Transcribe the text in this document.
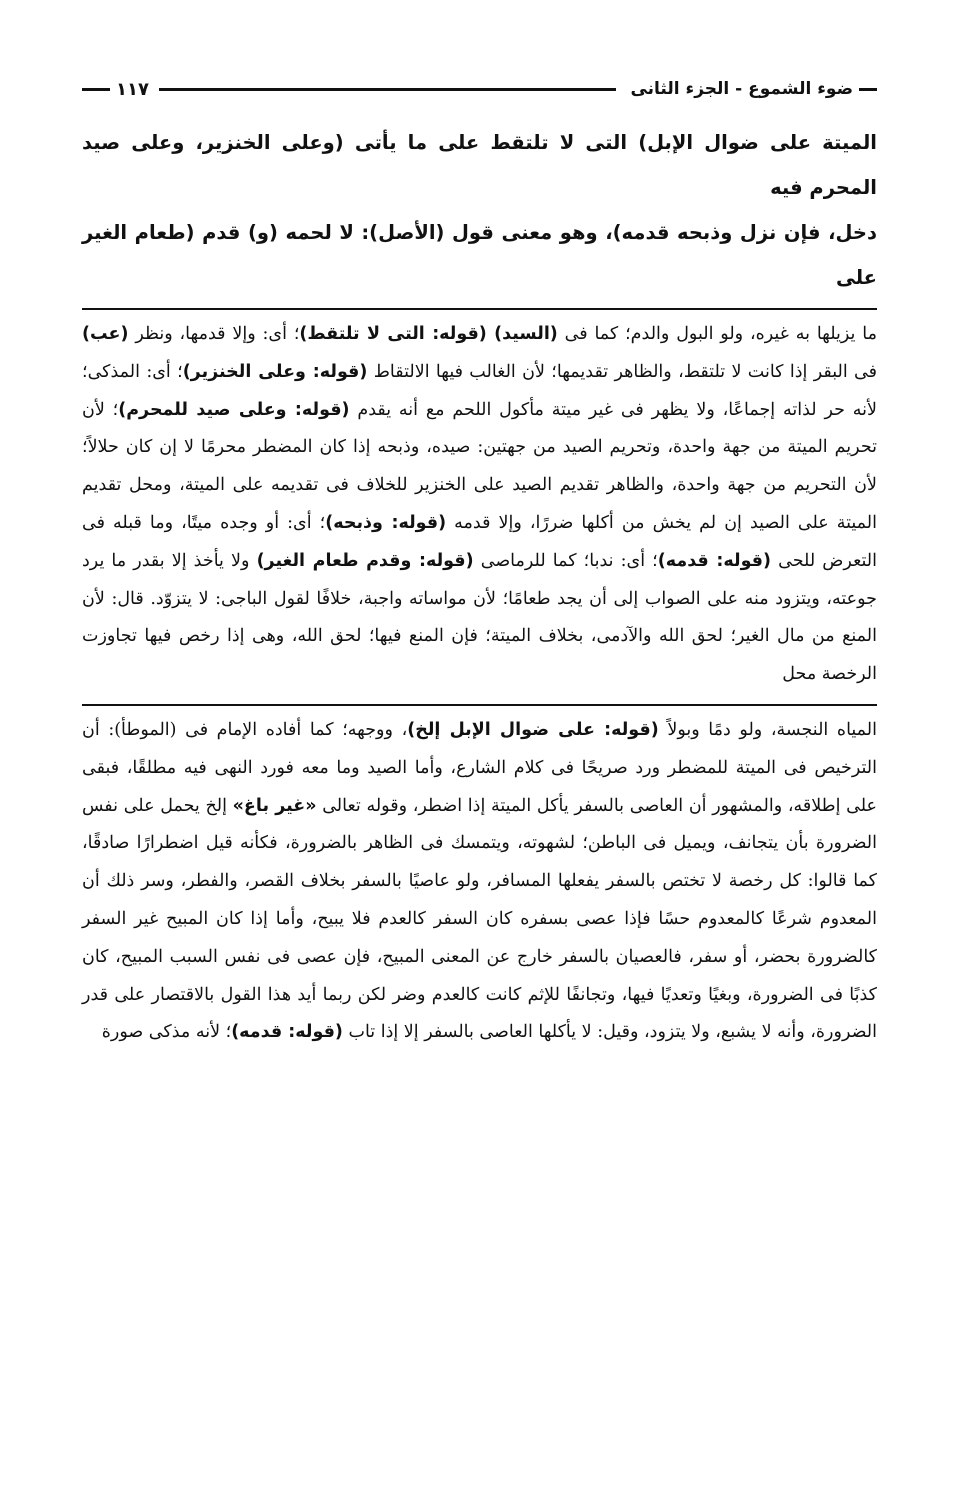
ضوء الشموع - الجزء الثانى
١١٧

الميتة على ضوال الإبل) التى لا تلتقط على ما يأتى (وعلى الخنزير، وعلى صيد المحرم فيه

دخل، فإن نزل وذبحه قدمه)، وهو معنى قول (الأصل): لا لحمه (و) قدم (طعام الغير على

ما يزيلها به غيره، ولو البول والدم؛ كما فى (السيد) (قوله: التى لا تلتقط)؛ أى: وإلا قدمها، ونظر (عب) فى البقر إذا كانت لا تلتقط، والظاهر تقديمها؛ لأن الغالب فيها الالتقاط (قوله: وعلى الخنزير)؛ أى: المذكى؛ لأنه حر لذاته إجماعًا، ولا يظهر فى غير ميتة مأكول اللحم مع أنه يقدم (قوله: وعلى صيد للمحرم)؛ لأن تحريم الميتة من جهة واحدة، وتحريم الصيد من جهتين: صيده، وذبحه إذا كان المضطر محرمًا لا إن كان حلالاً؛ لأن التحريم من جهة واحدة، والظاهر تقديم الصيد على الخنزير للخلاف فى تقديمه على الميتة، ومحل تقديم الميتة على الصيد إن لم يخش من أكلها ضررًا، وإلا قدمه (قوله: وذبحه)؛ أى: أو وجده ميتًا، وما قبله فى التعرض للحى (قوله: قدمه)؛ أى: ندبا؛ كما للرماصى (قوله: وقدم طعام الغير) ولا يأخذ إلا بقدر ما يرد جوعته، ويتزود منه على الصواب إلى أن يجد طعامًا؛ لأن مواساته واجبة، خلافًا لقول الباجى: لا يتزوّد. قال: لأن المنع من مال الغير؛ لحق الله والآدمى، بخلاف الميتة؛ فإن المنع فيها؛ لحق الله، وهى إذا رخص فيها تجاوزت الرخصة محل

المياه النجسة، ولو دمًا وبولاً (قوله: على ضوال الإبل إلخ)، ووجهه؛ كما أفاده الإمام فى (الموطأ): أن الترخيص فى الميتة للمضطر ورد صريحًا فى كلام الشارع، وأما الصيد وما معه فورد النهى فيه مطلقًا، فبقى على إطلاقه، والمشهور أن العاصى بالسفر يأكل الميتة إذا اضطر، وقوله تعالى «غير باغ» إلخ يحمل على نفس الضرورة بأن يتجانف، ويميل فى الباطن؛ لشهوته، ويتمسك فى الظاهر بالضرورة، فكأنه قيل اضطرارًا صادقًا، كما قالوا: كل رخصة لا تختص بالسفر يفعلها المسافر، ولو عاصيًا بالسفر بخلاف القصر، والفطر، وسر ذلك أن المعدوم شرعًا كالمعدوم حسًا فإذا عصى بسفره كان السفر كالعدم فلا يبيح، وأما إذا كان المبيح غير السفر كالضرورة بحضر، أو سفر، فالعصيان بالسفر خارج عن المعنى المبيح، فإن عصى فى نفس السبب المبيح، كان كذبًا فى الضرورة، وبغيًا وتعديًا فيها، وتجانفًا للإثم كانت كالعدم وضر لكن ربما أيد هذا القول بالاقتصار على قدر الضرورة، وأنه لا يشبع، ولا يتزود، وقيل: لا يأكلها العاصى بالسفر إلا إذا تاب (قوله: قدمه)؛ لأنه مذكى صورة
